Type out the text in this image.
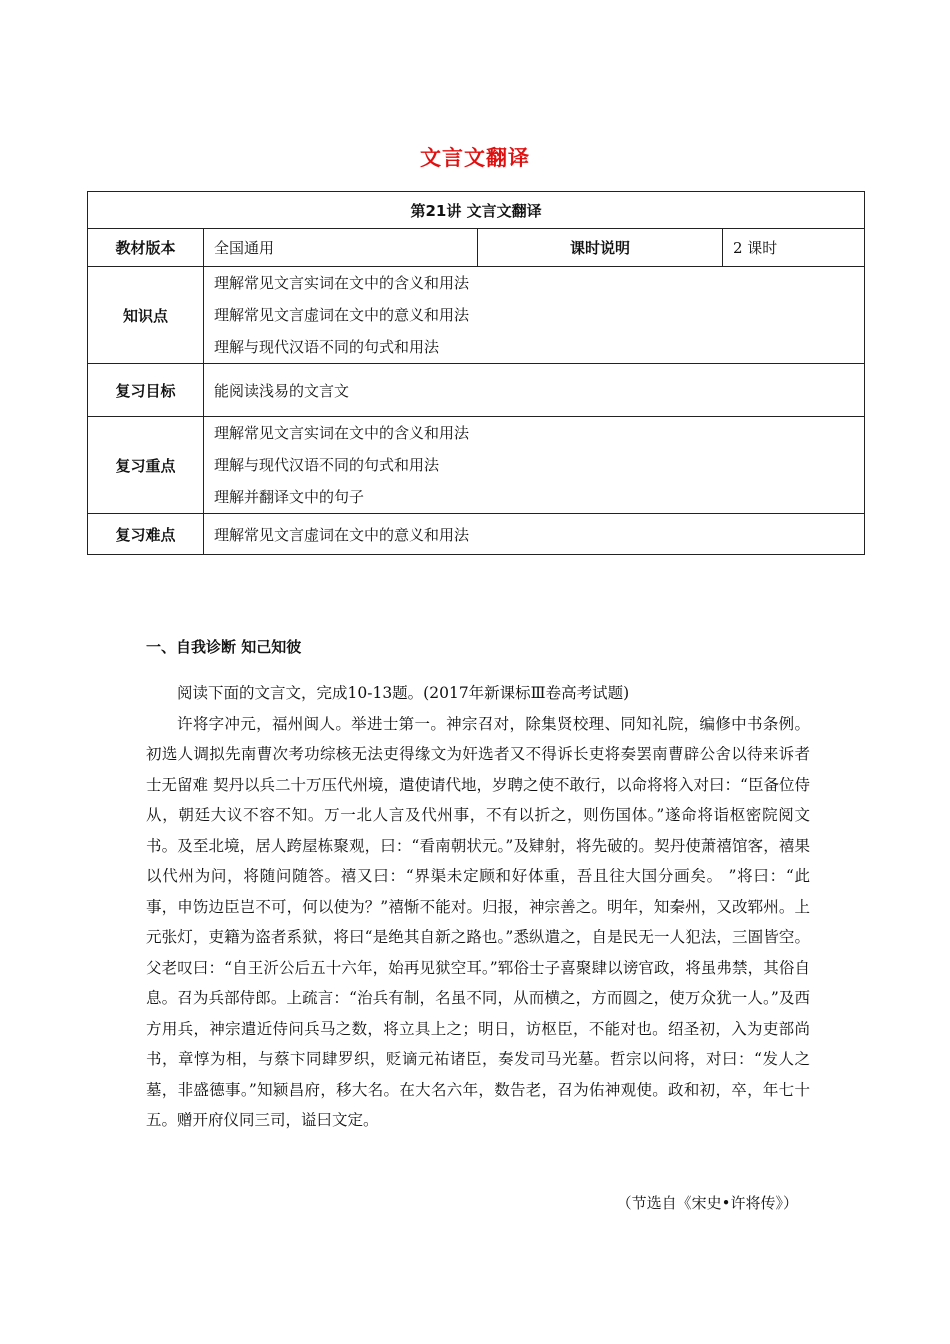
文言文翻译
第21讲 文言文翻译			
教材版本	全国通用	课时说明	2 课时
知识点	理解常见文言实词在文中的含义和用法
理解常见文言虚词在文中的意义和用法
理解与现代汉语不同的句式和用法		

复习目标	能阅读浅易的文言文		
复习重点	理解常见文言实词在文中的含义和用法
理解与现代汉语不同的句式和用法
理解并翻译文中的句子		

复习难点	理解常见文言虚词在文中的意义和用法		
一、自我诊断 知己知彼

阅读下面的文言文，完成10-13题。(2017年新课标Ⅲ卷高考试题)

许将字冲元，福州闽人。举进士第一。神宗召对，除集贤校理、同知礼院，编修中书条例。初选人调拟先南曹次考功综核无法吏得缘文为奸选者又不得诉长吏将奏罢南曹辟公舍以待来诉者士无留难 契丹以兵二十万压代州境，遣使请代地，岁聘之使不敢行，以命将将入对曰：“臣备位侍从，朝廷大议不容不知。万一北人言及代州事，不有以折之，则伤国体。”遂命将诣枢密院阅文书。及至北境，居人跨屋栋聚观，曰：“看南朝状元。”及肄射，将先破的。契丹使萧禧馆客，禧果以代州为问，将随问随答。禧又曰：“界渠未定顾和好体重，吾且往大国分画矣。 ”将曰：“此事，申饬边臣岂不可，何以使为？”禧惭不能对。归报，神宗善之。明年，知秦州，又改郓州。上元张灯，吏籍为盗者系狱，将曰“是绝其自新之路也。”悉纵遣之，自是民无一人犯法，三圄皆空。父老叹曰：“自王沂公后五十六年，始再见狱空耳。”郓俗士子喜聚肆以谤官政，将虽弗禁，其俗自息。召为兵部侍郎。上疏言：“治兵有制，名虽不同，从而横之，方而圆之，使万众犹一人。”及西方用兵，神宗遣近侍问兵马之数，将立具上之；明日，访枢臣，不能对也。绍圣初，入为吏部尚书，章惇为相，与蔡卞同肆罗织，贬谪元祐诸臣，奏发司马光墓。哲宗以问将，对曰：“发人之墓，非盛德事。”知颍昌府，移大名。在大名六年，数告老，召为佑神观使。政和初，卒，年七十五。赠开府仪同三司，谥曰文定。

（节选自《宋史•许将传》）
